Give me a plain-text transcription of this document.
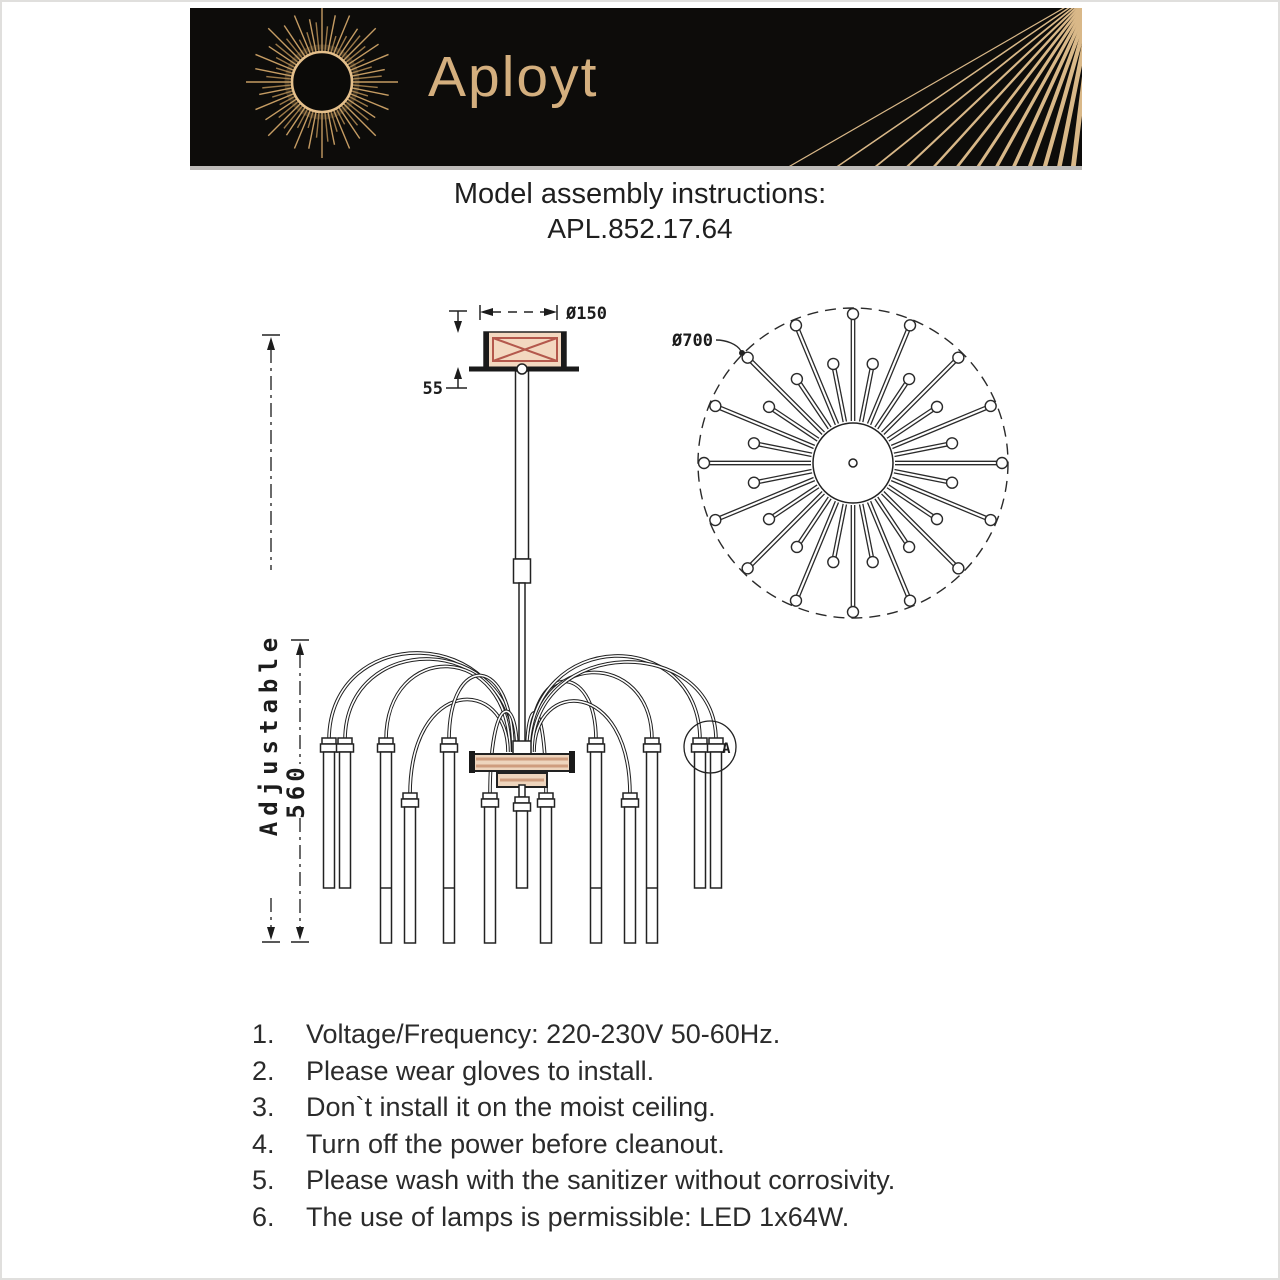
Aployt
Model assembly instructions:
APL.852.17.64
A
Ø150
55
Adjustable 560
Ø700
1.	Voltage/Frequency: 220-230V 50-60Hz.
2.	Please wear gloves to install.
3.	Don`t install it on the moist ceiling.
4.	Turn off the power before cleanout.
5.	Please wash with the sanitizer without corrosivity.
6.	The use of lamps is permissible: LED 1x64W.
